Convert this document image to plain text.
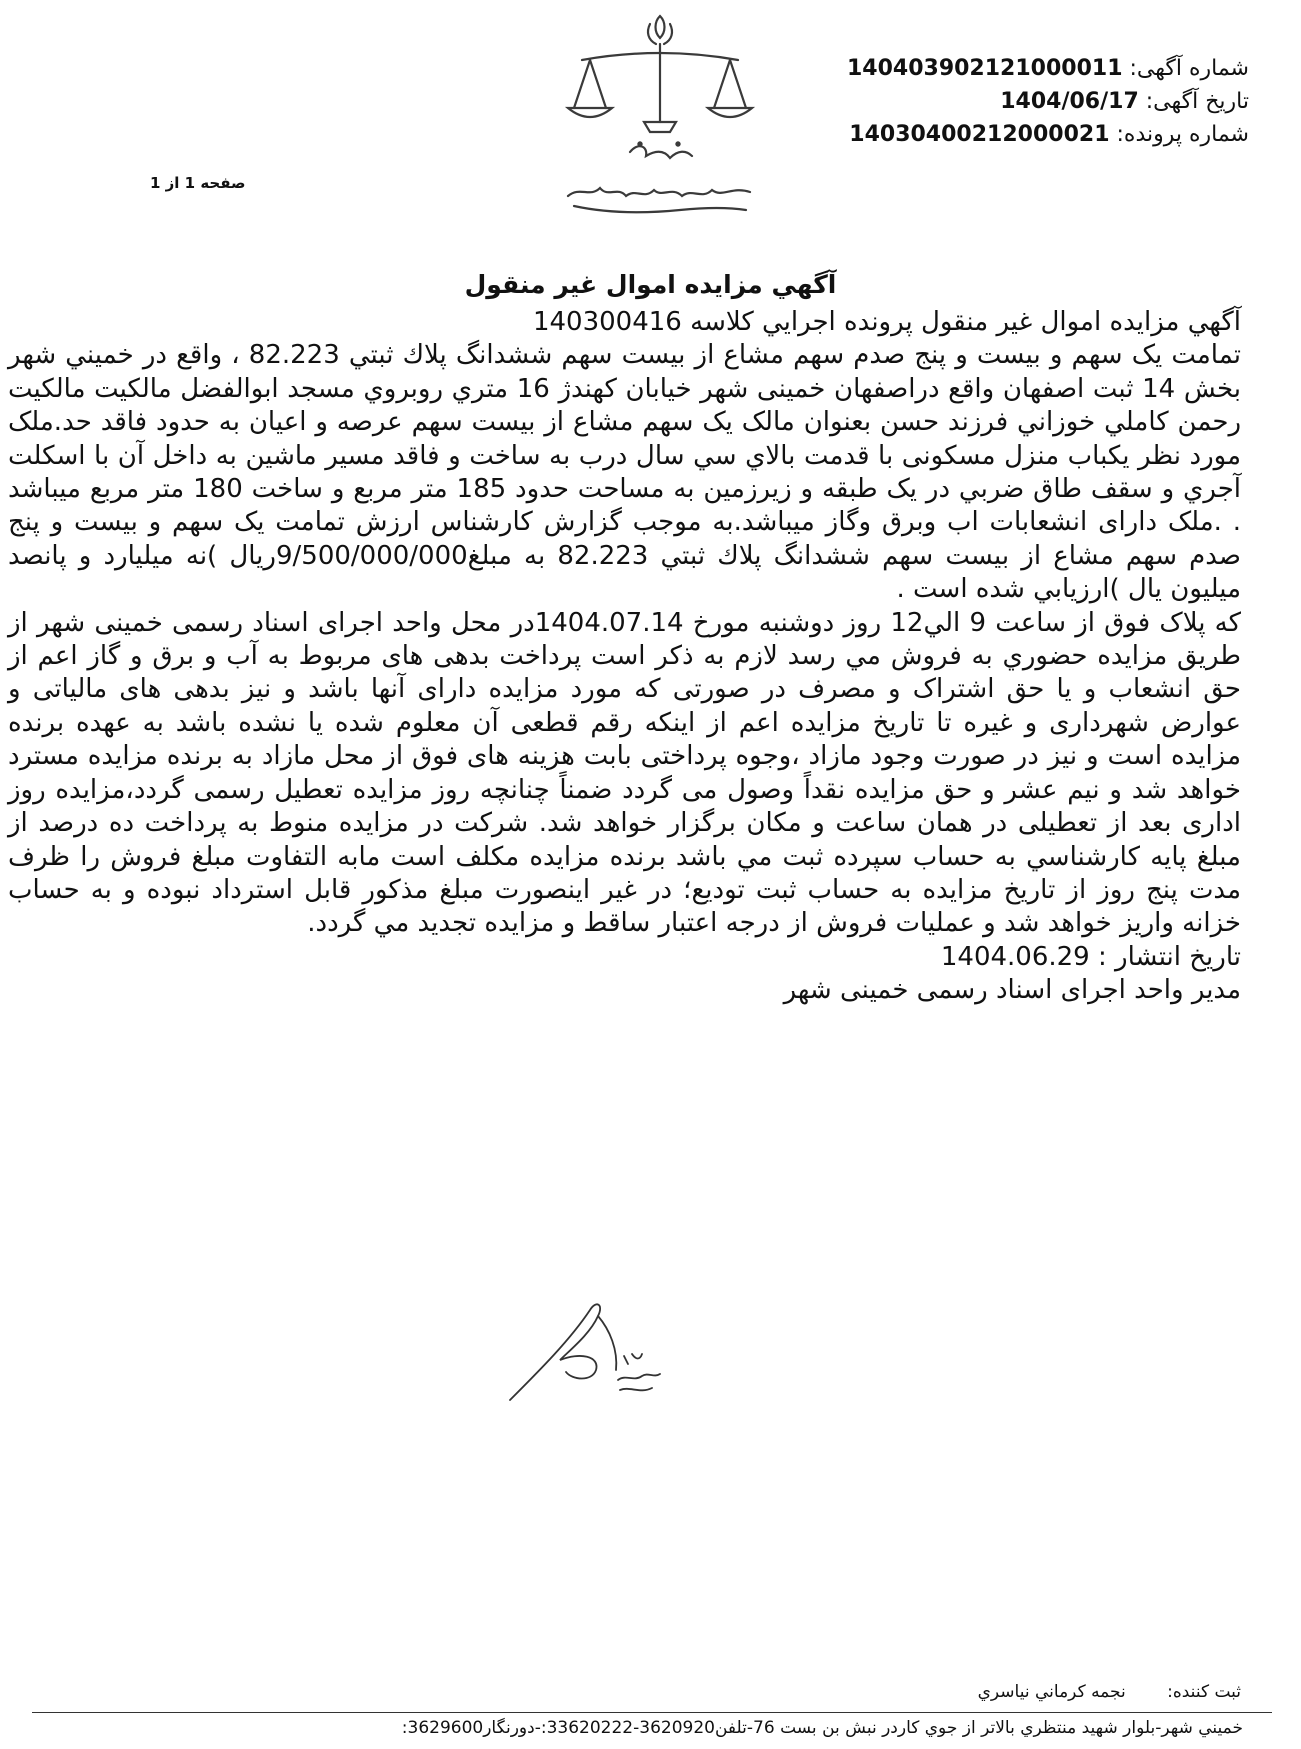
شماره آگهی: 140403902121000011
تاریخ آگهی: 1404/06/17
شماره پرونده: 14030400212000021
صفحه 1 از 1
آگهي مزايده اموال غير منقول

آگهي مزايده اموال غير منقول پرونده اجرايي كلاسه 140300416

تمامت یک سهم و بیست و پنج صدم سهم مشاع از بيست سهم ششدانگ پلاك ثبتي 82.223 ، واقع در خميني شهر بخش 14 ثبت اصفهان واقع دراصفهان خمینی شهر خیابان کهندژ 16 متري روبروي مسجد ابوالفضل مالكيت مالکیت رحمن كاملي خوزاني فرزند حسن بعنوان مالک یک سهم مشاع از بیست سهم عرصه و اعیان به حدود فاقد حد.ملک مورد نظر یکباب منزل مسکونی با قدمت بالاي سي سال درب به ساخت و فاقد مسير ماشين به داخل آن با اسکلت آجري و سقف طاق ضربي در يک طبقه و زيرزمين به مساحت حدود 185 متر مربع و ساخت 180 متر مربع ميباشد . .ملک دارای انشعابات اب وبرق وگاز ميباشد.به موجب گزارش کارشناس ارزش تمامت یک سهم و بیست و پنج صدم سهم مشاع از بيست سهم ششدانگ پلاك ثبتي 82.223 به مبلغ9/500/000/000ريال )نه میلیارد و پانصد میلیون یال )ارزيابي شده است .

که پلاک فوق از ساعت 9 الي12 روز دوشنبه مورخ 1404.07.14در محل واحد اجرای اسناد رسمی خمینی شهر از طريق مزايده حضوري به فروش مي رسد لازم به ذکر است پرداخت بدهی های مربوط به آب و برق و گاز اعم از حق انشعاب و يا حق اشتراک و مصرف در صورتی که مورد مزايده دارای آنها باشد و نيز بدهی های مالياتی و عوارض شهرداری و غيره تا تاريخ مزايده اعم از اينکه رقم قطعی آن معلوم شده يا نشده باشد به عهده برنده مزايده است و نيز در صورت وجود مازاد ،وجوه پرداختی بابت هزينه های فوق از محل مازاد به برنده مزايده مسترد خواهد شد و نيم عشر و حق مزايده نقداً وصول می گردد ضمناً چنانچه روز مزايده تعطيل رسمی گردد،مزايده روز اداری بعد از تعطيلی در همان ساعت و مكان برگزار خواهد شد. شركت در مزايده منوط به پرداخت ده درصد از مبلغ پايه كارشناسي به حساب سپرده ثبت مي باشد برنده مزايده مكلف است مابه التفاوت مبلغ فروش را ظرف مدت پنج روز از تاريخ مزايده به حساب ثبت توديع؛ در غير اينصورت مبلغ مذكور قابل استرداد نبوده و به حساب خزانه واريز خواهد شد و عمليات فروش از درجه اعتبار ساقط و مزايده تجديد مي گردد.

تاریخ انتشار : 1404.06.29

مدیر واحد اجرای اسناد رسمی خمینی شهر

ثبت کننده: نجمه كرماني نياسري
خميني شهر-بلوار شهيد منتظري بالاتر از جوي كاردر نبش بن بست 76-تلفن3620920-33620222:-دورنگار3629600:
